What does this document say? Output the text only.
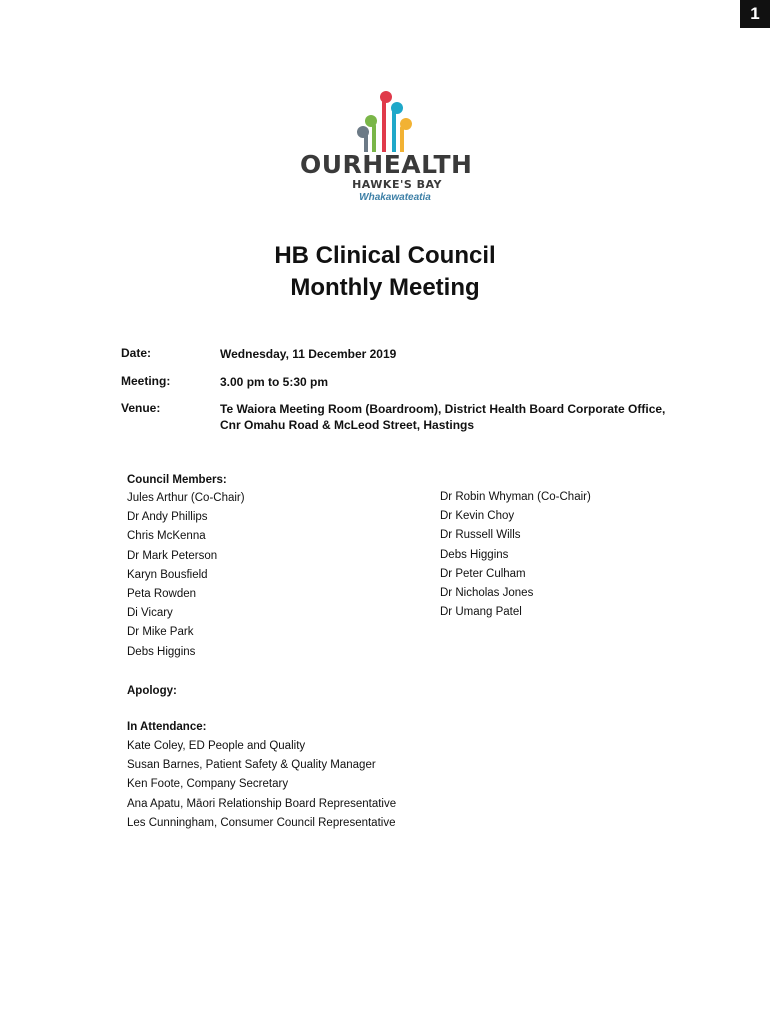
1
OURHEALTH
HAWKE'S BAY
Whakawateatia
HB Clinical Council
Monthly Meeting
Date:	Wednesday, 11 December 2019
Meeting:	3.00 pm to 5:30 pm
Venue:	Te Waiora Meeting Room (Boardroom), District Health Board Corporate Office,
Cnr Omahu Road & McLeod Street, Hastings
Council Members:
Jules Arthur (Co-Chair)
Dr Andy Phillips
Chris McKenna
Dr Mark Peterson
Karyn Bousfield
Peta Rowden
Di Vicary
Dr Mike Park
Debs Higgins
Dr Robin Whyman (Co-Chair)
Dr Kevin Choy
Dr Russell Wills
Debs Higgins
Dr Peter Culham
Dr Nicholas Jones
Dr Umang Patel
Apology:
In Attendance:
Kate Coley, ED People and Quality
Susan Barnes, Patient Safety & Quality Manager
Ken Foote, Company Secretary
Ana Apatu, Māori Relationship Board Representative
Les Cunningham, Consumer Council Representative
